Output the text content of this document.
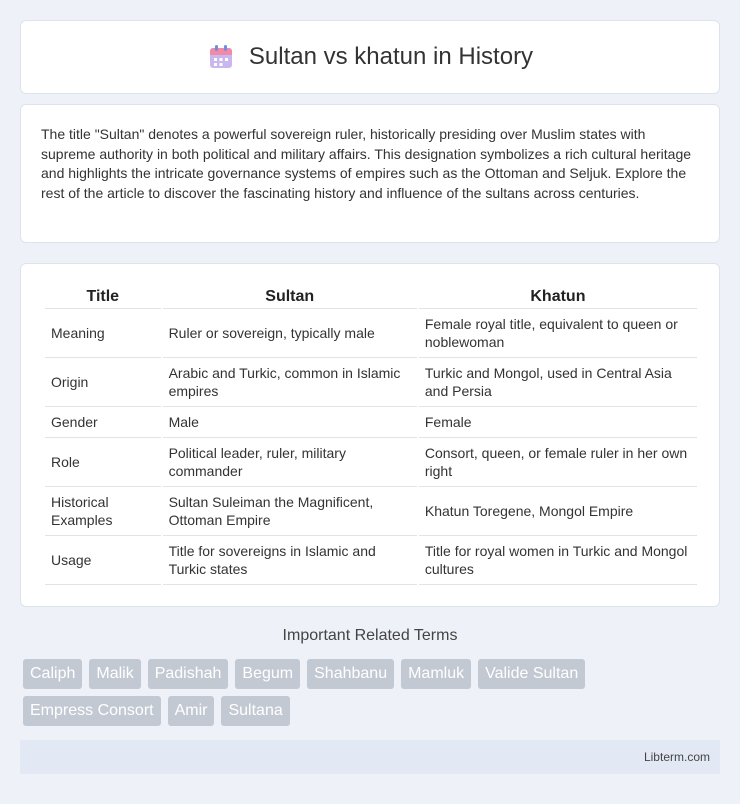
Sultan vs khatun in History

The title "Sultan" denotes a powerful sovereign ruler, historically presiding over Muslim states with supreme authority in both political and military affairs. This designation symbolizes a rich cultural heritage and highlights the intricate governance systems of empires such as the Ottoman and Seljuk. Explore the rest of the article to discover the fascinating history and influence of the sultans across centuries.

Title	Sultan	Khatun
Meaning	Ruler or sovereign, typically male	Female royal title, equivalent to queen or noblewoman
Origin	Arabic and Turkic, common in Islamic empires	Turkic and Mongol, used in Central Asia and Persia
Gender	Male	Female
Role	Political leader, ruler, military commander	Consort, queen, or female ruler in her own right
Historical Examples	Sultan Suleiman the Magnificent, Ottoman Empire	Khatun Toregene, Mongol Empire
Usage	Title for sovereigns in Islamic and Turkic states	Title for royal women in Turkic and Mongol cultures
Important Related Terms
Caliph	Malik	Padishah	Begum	Shahbanu	Mamluk	Valide Sultan
Empress Consort	Amir	Sultana
Libterm.com
